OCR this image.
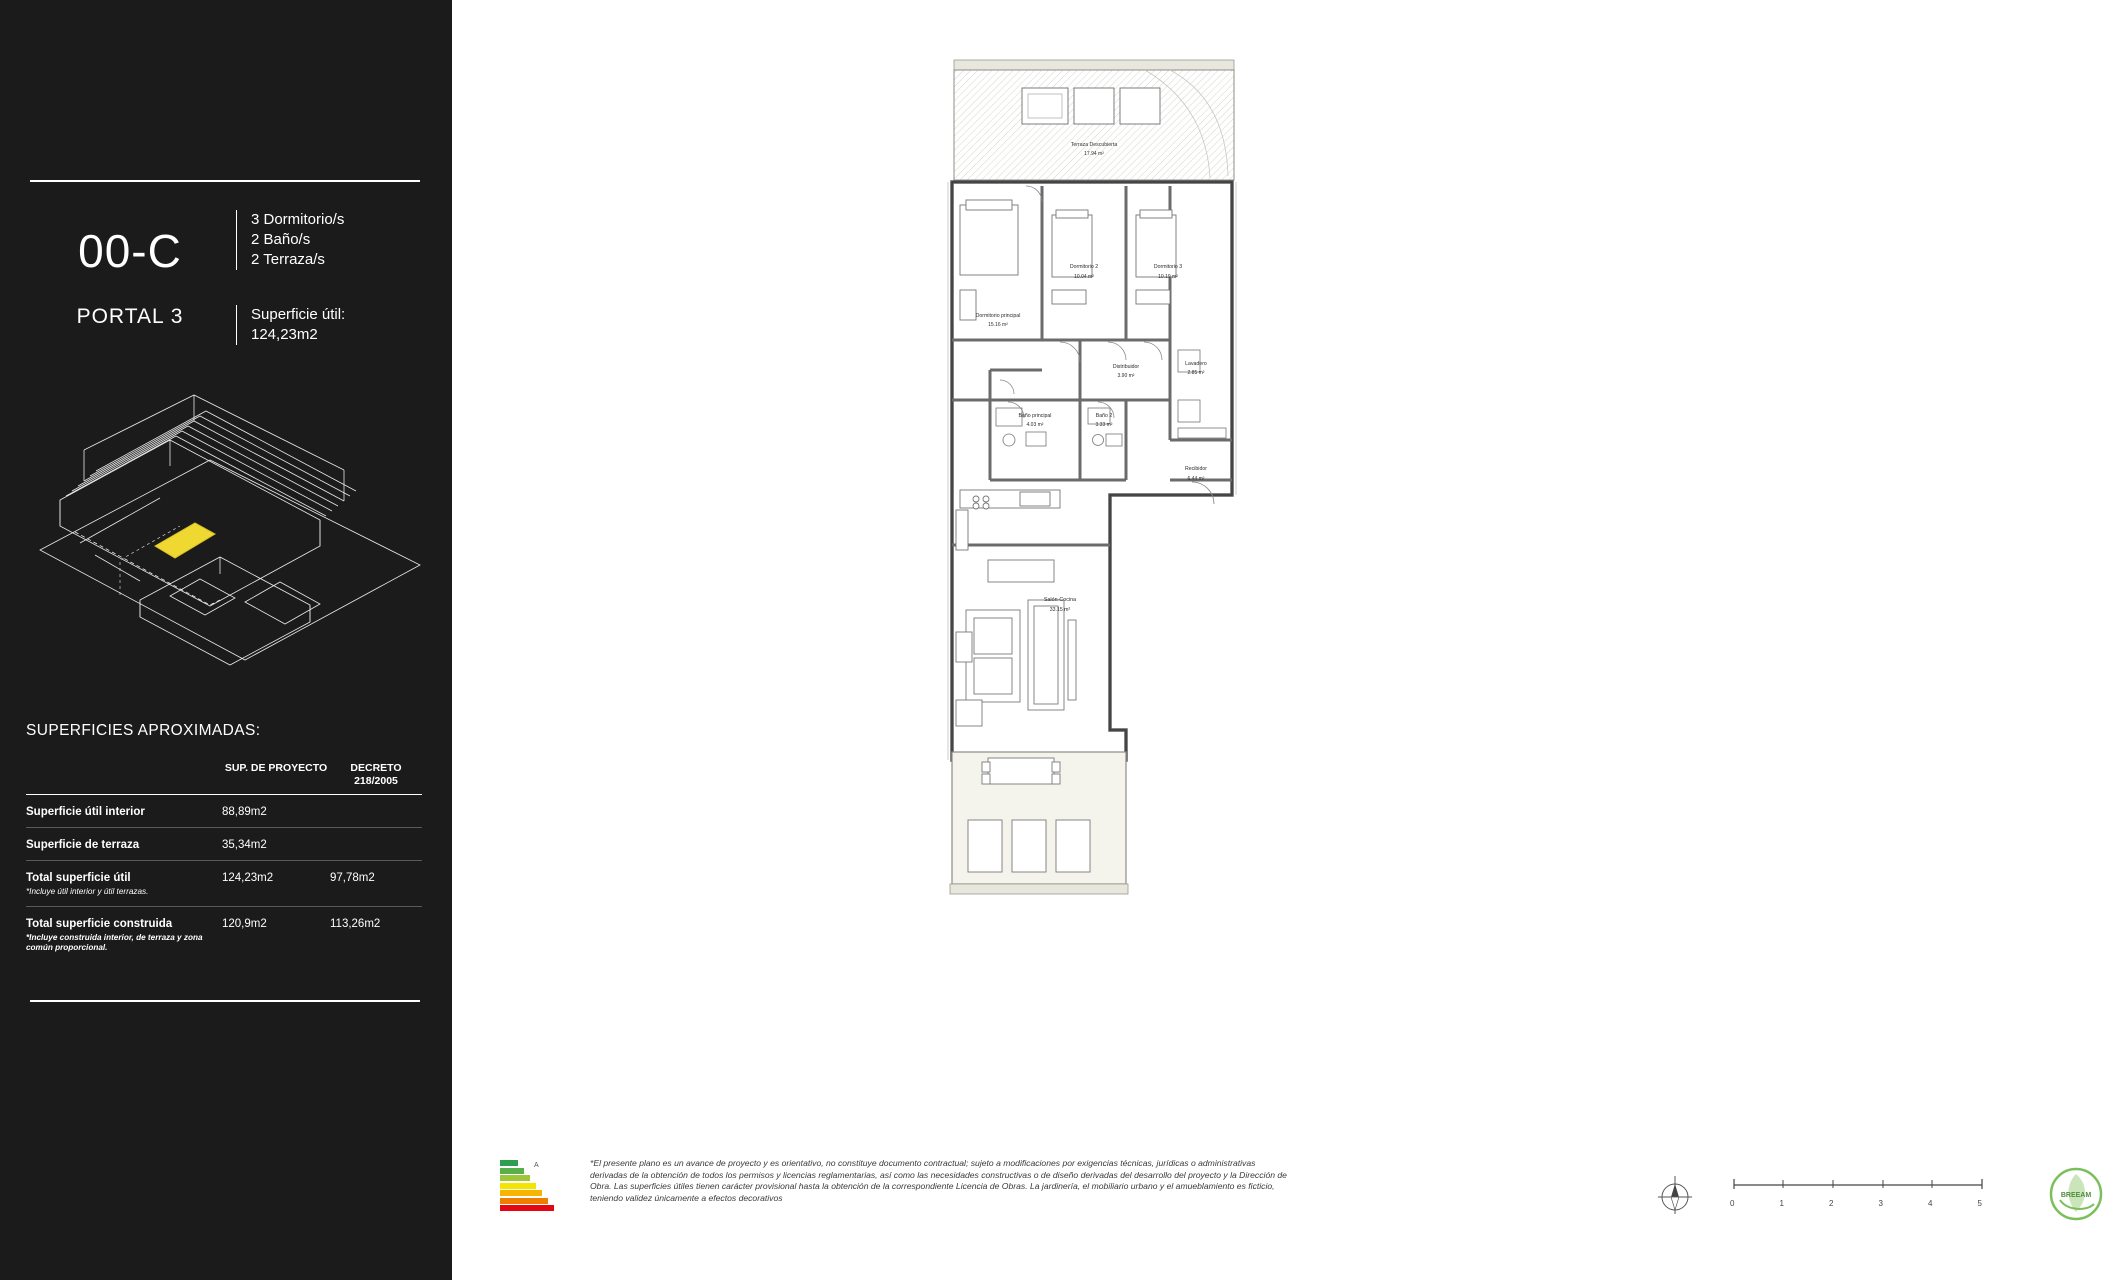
00-C
3 Dormitorio/s
2 Baño/s
2 Terraza/s
PORTAL 3	Superficie útil:
124,23m2
SUPERFICIES APROXIMADAS:
SUP. DE PROYECTO	DECRETO 218/2005
Superficie útil interior	88,89m2
Superficie de terraza	35,34m2
Total superficie útil
*Incluye útil interior y útil terrazas.
124,23m2	97,78m2
Total superficie construida
*Incluye construida interior, de terraza y zona común proporcional.
120,9m2	113,26m2
Terraza Descubierta
17.94 m²
Dormitorio principal
15.16 m²
Dormitorio 2
10.04 m²
Dormitorio 3
10.19 m²
Distribuidor
3.90 m²
Lavadero
2.85 m²
Baño principal
4.03 m²
Baño 2
3.33 m²
Recibidor
6.44 m²
Salón-Cocina
33.15 m²
A	*El presente plano es un avance de proyecto y es orientativo, no constituye documento contractual; sujeto a modificaciones por exigencias técnicas, jurídicas o administrativas derivadas de la obtención de todos los permisos y licencias reglamentarias, así como las necesidades constructivas o de diseño derivadas del desarrollo del proyecto y la Dirección de Obra. Las superficies útiles tienen carácter provisional hasta la obtención de la correspondiente Licencia de Obras. La jardinería, el mobiliario urbano y el amueblamiento es ficticio, teniendo validez únicamente a efectos decorativos
0	1	2	3	4	5
BREEAM
